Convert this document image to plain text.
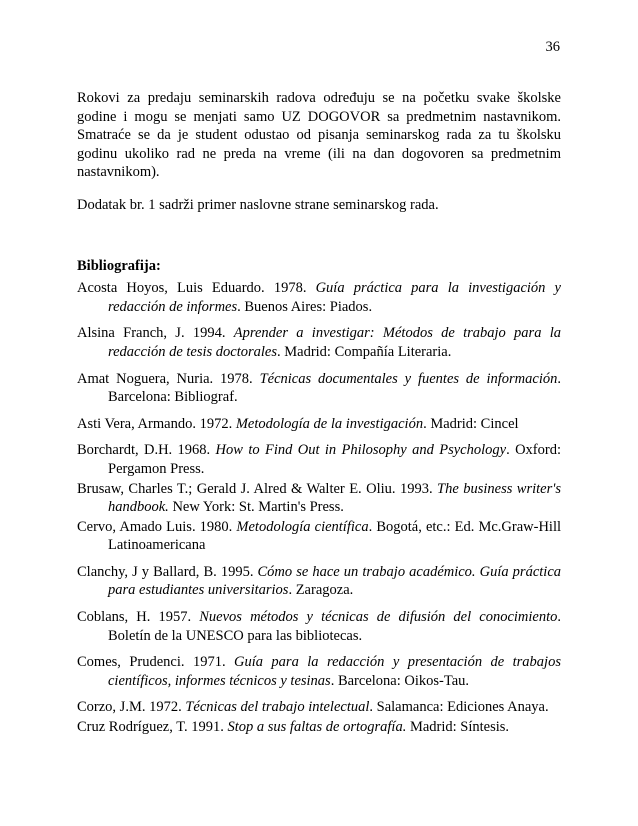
36

Rokovi za predaju seminarskih radova određuju se na početku svake školske godine i mogu se menjati samo UZ DOGOVOR sa predmetnim nastavnikom. Smatraće se da je student odustao od pisanja seminarskog rada za tu školsku godinu ukoliko rad ne preda na vreme (ili na dan dogovoren sa predmetnim nastavnikom).

Dodatak br. 1 sadrži primer naslovne strane seminarskog rada.

Bibliografija:

Acosta Hoyos, Luis Eduardo. 1978. Guía práctica para la investigación y redacción de informes. Buenos Aires: Piados.

Alsina Franch, J. 1994. Aprender a investigar: Métodos de trabajo para la redacción de tesis doctorales. Madrid: Compañía Literaria.

Amat Noguera, Nuria. 1978. Técnicas documentales y fuentes de información. Barcelona: Bibliograf.

Asti Vera, Armando. 1972. Metodología de la investigación. Madrid: Cincel

Borchardt, D.H. 1968. How to Find Out in Philosophy and Psychology. Oxford: Pergamon Press.

Brusaw, Charles T.; Gerald J. Alred & Walter E. Oliu. 1993. The business writer's handbook. New York: St. Martin's Press.

Cervo, Amado Luis. 1980. Metodología científica. Bogotá, etc.: Ed. Mc.Graw-Hill Latinoamericana

Clanchy, J y Ballard, B. 1995. Cómo se hace un trabajo académico. Guía práctica para estudiantes universitarios. Zaragoza.

Coblans, H. 1957. Nuevos métodos y técnicas de difusión del conocimiento. Boletín de la UNESCO para las bibliotecas.

Comes, Prudenci. 1971. Guía para la redacción y presentación de trabajos científicos, informes técnicos y tesinas. Barcelona: Oikos-Tau.

Corzo, J.M. 1972. Técnicas del trabajo intelectual. Salamanca: Ediciones Anaya.

Cruz Rodríguez, T. 1991. Stop a sus faltas de ortografía. Madrid: Síntesis.
